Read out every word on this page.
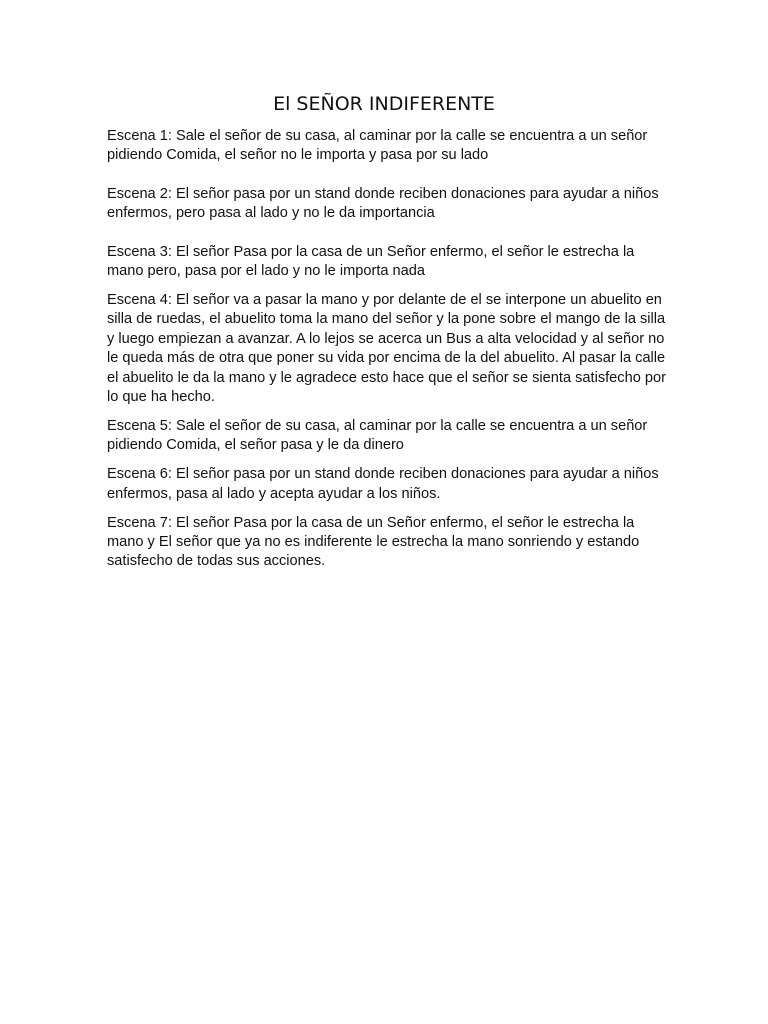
El SEÑOR INDIFERENTE

Escena 1: Sale el señor de su casa, al caminar por la calle se encuentra a un señor pidiendo Comida, el señor no le importa y pasa por su lado

Escena 2: El señor pasa por un stand donde reciben donaciones para ayudar a niños enfermos, pero pasa al lado y no le da importancia

Escena 3: El señor Pasa por la casa de un Señor enfermo, el señor le estrecha la mano pero, pasa por el lado y no le importa nada

Escena 4: El señor va a pasar la mano y por delante de el se interpone un abuelito en silla de ruedas, el abuelito toma la mano del señor y la pone sobre el mango de la silla y luego empiezan a avanzar. A lo lejos se acerca un Bus a alta velocidad y al señor no le queda más de otra que poner su vida por encima de la del abuelito. Al pasar la calle el abuelito le da la mano y le agradece esto hace que el señor se sienta satisfecho por lo que ha hecho.

Escena 5: Sale el señor de su casa, al caminar por la calle se encuentra a un señor pidiendo Comida, el señor pasa y le da dinero

Escena 6: El señor pasa por un stand donde reciben donaciones para ayudar a niños enfermos, pasa al lado y acepta ayudar a los niños.

Escena 7: El señor Pasa por la casa de un Señor enfermo, el señor le estrecha la mano y El señor que ya no es indiferente le estrecha la mano sonriendo y estando satisfecho de todas sus acciones.
